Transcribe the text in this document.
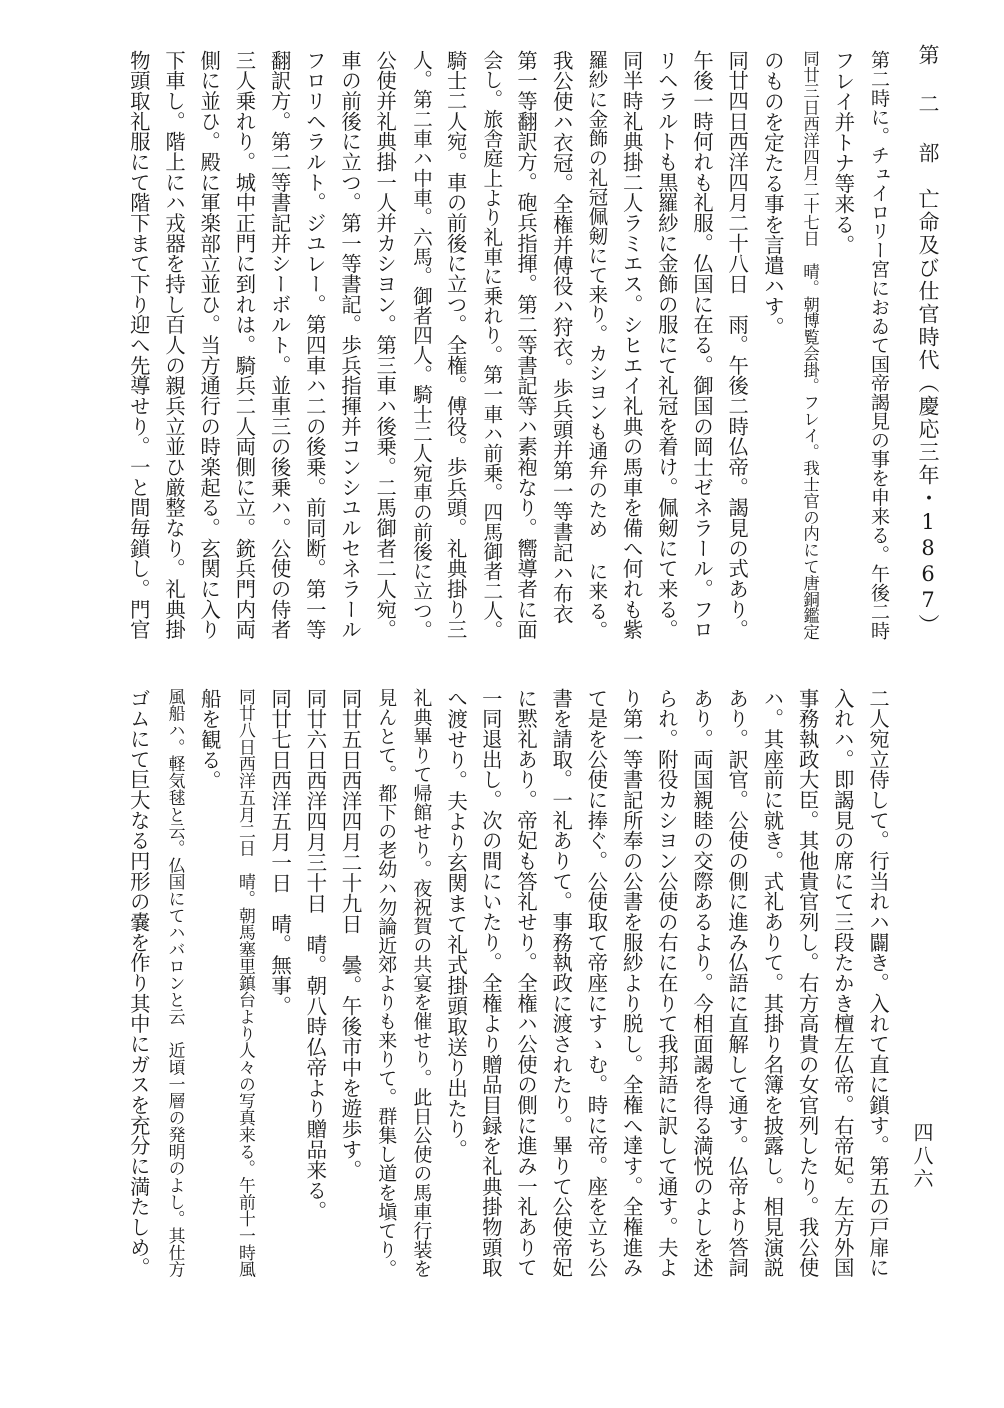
第 二 部　亡命及び仕官時代（慶応三年・1867）
四八六
第二時に。チュイロリー宮におゐて国帝謁見の事を申来る。午後二時
フレイ并トナ等来る。
同廿三日西洋四月二十七日　晴。朝博覧会掛。フレイ。我士官の内にて唐銅鑑定
のものを定たる事を言遣ハす。
同廿四日西洋四月二十八日　雨。午後二時仏帝。謁見の式あり。
午後一時何れも礼服。仏国に在る。御国の岡士ゼネラール。フロ
リヘラルトも黒羅紗に金飾の服にて礼冠を着け。佩剱にて来る。
同半時礼典掛二人ラミエス。シヒエイ礼典の馬車を備へ何れも紫
羅紗に金飾の礼冠佩剱にて来り。カシヨンも通弁のため に来る。
我公使ハ衣冠。全権并傅役ハ狩衣。歩兵頭并第一等書記ハ布衣
第一等翻訳方。砲兵指揮。第二等書記等ハ素袍なり。嚮導者に面
会し。旅舎庭上より礼車に乗れり。第一車ハ前乗。四馬御者二人。
騎士二人宛。車の前後に立つ。全権。傅役。歩兵頭。礼典掛り三
人。第二車ハ中車。六馬。御者四人。騎士二人宛車の前後に立つ。
公使并礼典掛一人并カシヨン。第三車ハ後乗。二馬御者二人宛。
車の前後に立つ。第一等書記。歩兵指揮并コンシユルセネラール
フロリヘラルト。ジユレー。第四車ハ二の後乗。前同断。第一等
翻訳方。第二等書記并シーボルト。並車三の後乗ハ。公使の侍者
三人乗れり。城中正門に到れは。騎兵二人両側に立。銃兵門内両
側に並ひ。殿に軍楽部立並ひ。当方通行の時楽起る。玄関に入り
下車し。階上にハ戎器を持し百人の親兵立並ひ厳整なり。礼典掛
物頭取礼服にて階下まて下り迎へ先導せり。一と間毎鎖し。門官
二人宛立侍して。行当れハ闢き。入れて直に鎖す。第五の戸扉に
入れハ。即謁見の席にて三段たかき檀左仏帝。右帝妃。左方外国
事務執政大臣。其他貴官列し。右方高貴の女官列したり。我公使
ハ。其座前に就き。式礼ありて。其掛り名簿を披露し。相見演説
あり。訳官。公使の側に進み仏語に直解して通す。仏帝より答詞
あり。両国親睦の交際あるより。今相面謁を得る満悦のよしを述
られ。附役カシヨン公使の右に在りて我邦語に訳して通す。夫よ
り第一等書記所奉の公書を服紗より脱し。全権へ達す。全権進み
て是を公使に捧ぐ。公使取て帝座にすゝむ。時に帝。座を立ち公
書を請取。一礼ありて。事務執政に渡されたり。畢りて公使帝妃
に黙礼あり。帝妃も答礼せり。全権ハ公使の側に進み一礼ありて
一同退出し。次の間にいたり。全権より贈品目録を礼典掛物頭取
へ渡せり。夫より玄関まて礼式掛頭取送り出たり。
礼典畢りて帰館せり。夜祝賀の共宴を催せり。此日公使の馬車行装を
見んとて。都下の老幼ハ勿論近郊よりも来りて。群集し道を塡てり。
同廿五日西洋四月二十九日　曇。午後市中を遊歩す。
同廿六日西洋四月三十日　晴。朝八時仏帝より贈品来る。
同廿七日西洋五月一日　晴。無事。
同廿八日西洋五月二日　晴。朝馬塞里鎮台より人々の写真来る。午前十一時風
船を観る。
風船ハ。軽気毬と云。仏国にてハバロンと云　近頃一層の発明のよし。其仕方
ゴムにて巨大なる円形の嚢を作り其中にガスを充分に満たしめ。
